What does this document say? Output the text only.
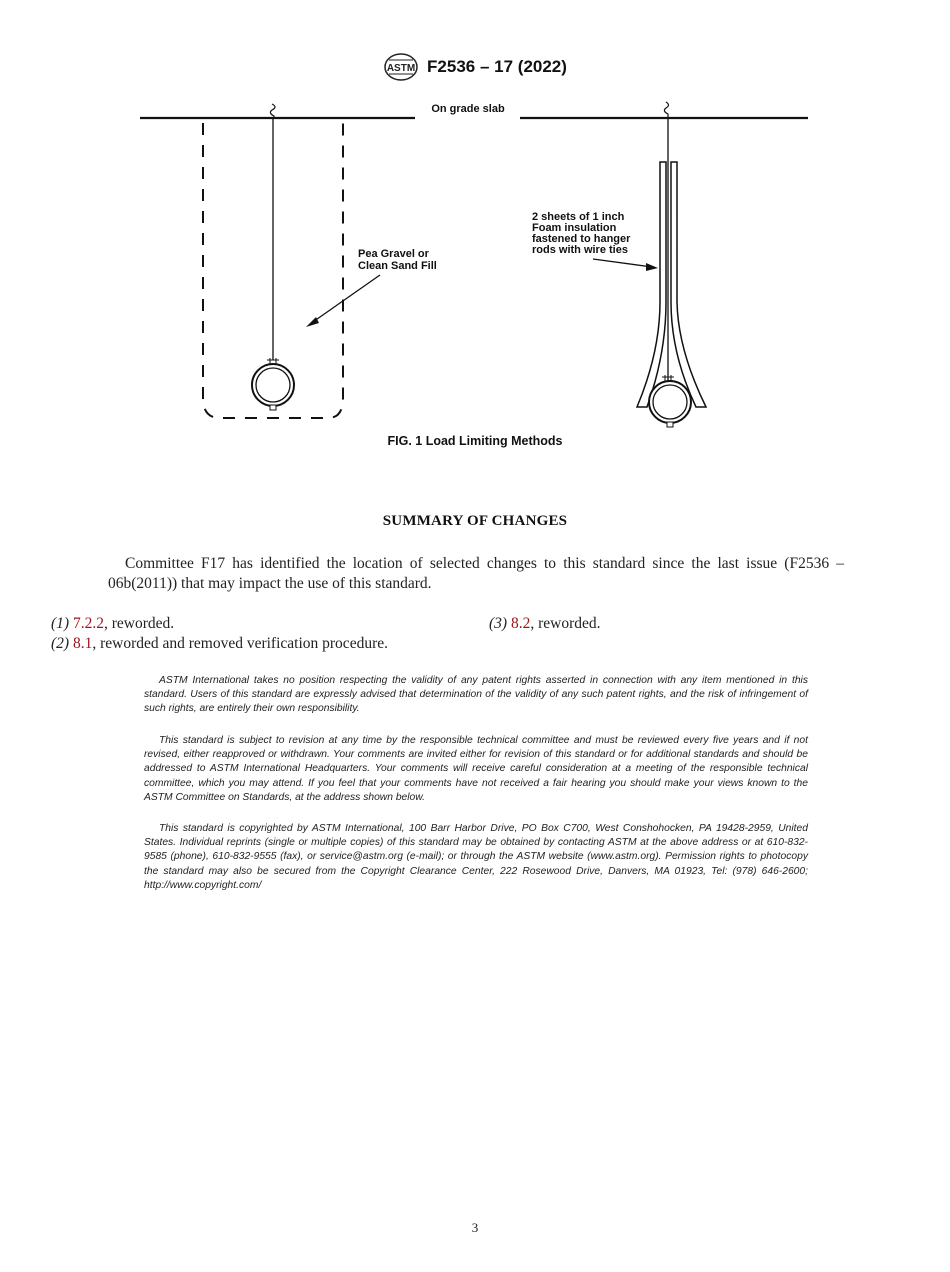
ASTM F2536 – 17 (2022)
On grade slab
Pea Gravel or
Clean Sand Fill
2 sheets of 1 inch
Foam insulation
fastened to hanger
rods with wire ties
FIG. 1 Load Limiting Methods
SUMMARY OF CHANGES
Committee F17 has identified the location of selected changes to this standard since the last issue (F2536 – 06b(2011)) that may impact the use of this standard.
(1) 7.2.2, reworded.
(2) 8.1, reworded and removed verification procedure.
(3) 8.2, reworded.
ASTM International takes no position respecting the validity of any patent rights asserted in connection with any item mentioned in this standard. Users of this standard are expressly advised that determination of the validity of any such patent rights, and the risk of infringement of such rights, are entirely their own responsibility.
This standard is subject to revision at any time by the responsible technical committee and must be reviewed every five years and if not revised, either reapproved or withdrawn. Your comments are invited either for revision of this standard or for additional standards and should be addressed to ASTM International Headquarters. Your comments will receive careful consideration at a meeting of the responsible technical committee, which you may attend. If you feel that your comments have not received a fair hearing you should make your views known to the ASTM Committee on Standards, at the address shown below.
This standard is copyrighted by ASTM International, 100 Barr Harbor Drive, PO Box C700, West Conshohocken, PA 19428-2959, United States. Individual reprints (single or multiple copies) of this standard may be obtained by contacting ASTM at the above address or at 610-832-9585 (phone), 610-832-9555 (fax), or service@astm.org (e-mail); or through the ASTM website (www.astm.org). Permission rights to photocopy the standard may also be secured from the Copyright Clearance Center, 222 Rosewood Drive, Danvers, MA 01923, Tel: (978) 646-2600; http://www.copyright.com/
3
